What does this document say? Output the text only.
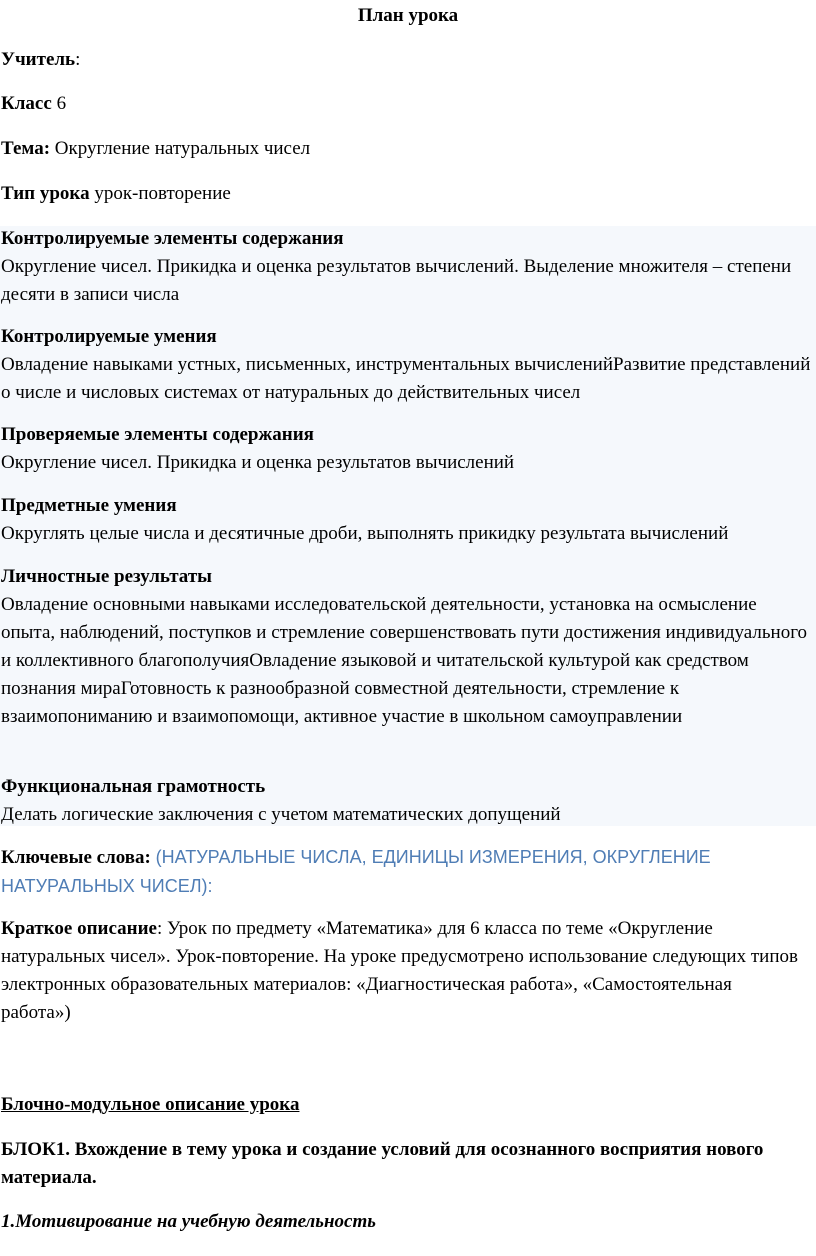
План урока
Учитель:
Класс 6
Тема: Округление натуральных чисел
Тип урока урок-повторение
Контролируемые элементы содержания
Округление чисел. Прикидка и оценка результатов вычислений. Выделение множителя – степени десяти в записи числа
Контролируемые умения
Овладение навыками устных, письменных, инструментальных вычисленийРазвитие представлений о числе и числовых системах от натуральных до действительных чисел
Проверяемые элементы содержания
Округление чисел. Прикидка и оценка результатов вычислений
Предметные умения
Округлять целые числа и десятичные дроби, выполнять прикидку результата вычислений
Личностные результаты
Овладение основными навыками исследовательской деятельности, установка на осмысление опыта, наблюдений, поступков и стремление совершенствовать пути достижения индивидуального и коллективного благополучияОвладение языковой и читательской культурой как средством познания мираГотовность к разнообразной совместной деятельности, стремление к взаимопониманию и взаимопомощи, активное участие в школьном самоуправлении
Функциональная грамотность
Делать логические заключения с учетом математических допущений
Ключевые слова: (НАТУРАЛЬНЫЕ ЧИСЛА, ЕДИНИЦЫ ИЗМЕРЕНИЯ, ОКРУГЛЕНИЕ НАТУРАЛЬНЫХ ЧИСЕЛ):
Краткое описание: Урок по предмету «Математика» для 6 класса по теме «Округление натуральных чисел». Урок-повторение. На уроке предусмотрено использование следующих типов электронных образовательных материалов: «Диагностическая работа», «Самостоятельная работа»)
Блочно-модульное описание урока
БЛОК1. Вхождение в тему урока и создание условий для осознанного восприятия нового материала.
1.Мотивирование на учебную деятельность
